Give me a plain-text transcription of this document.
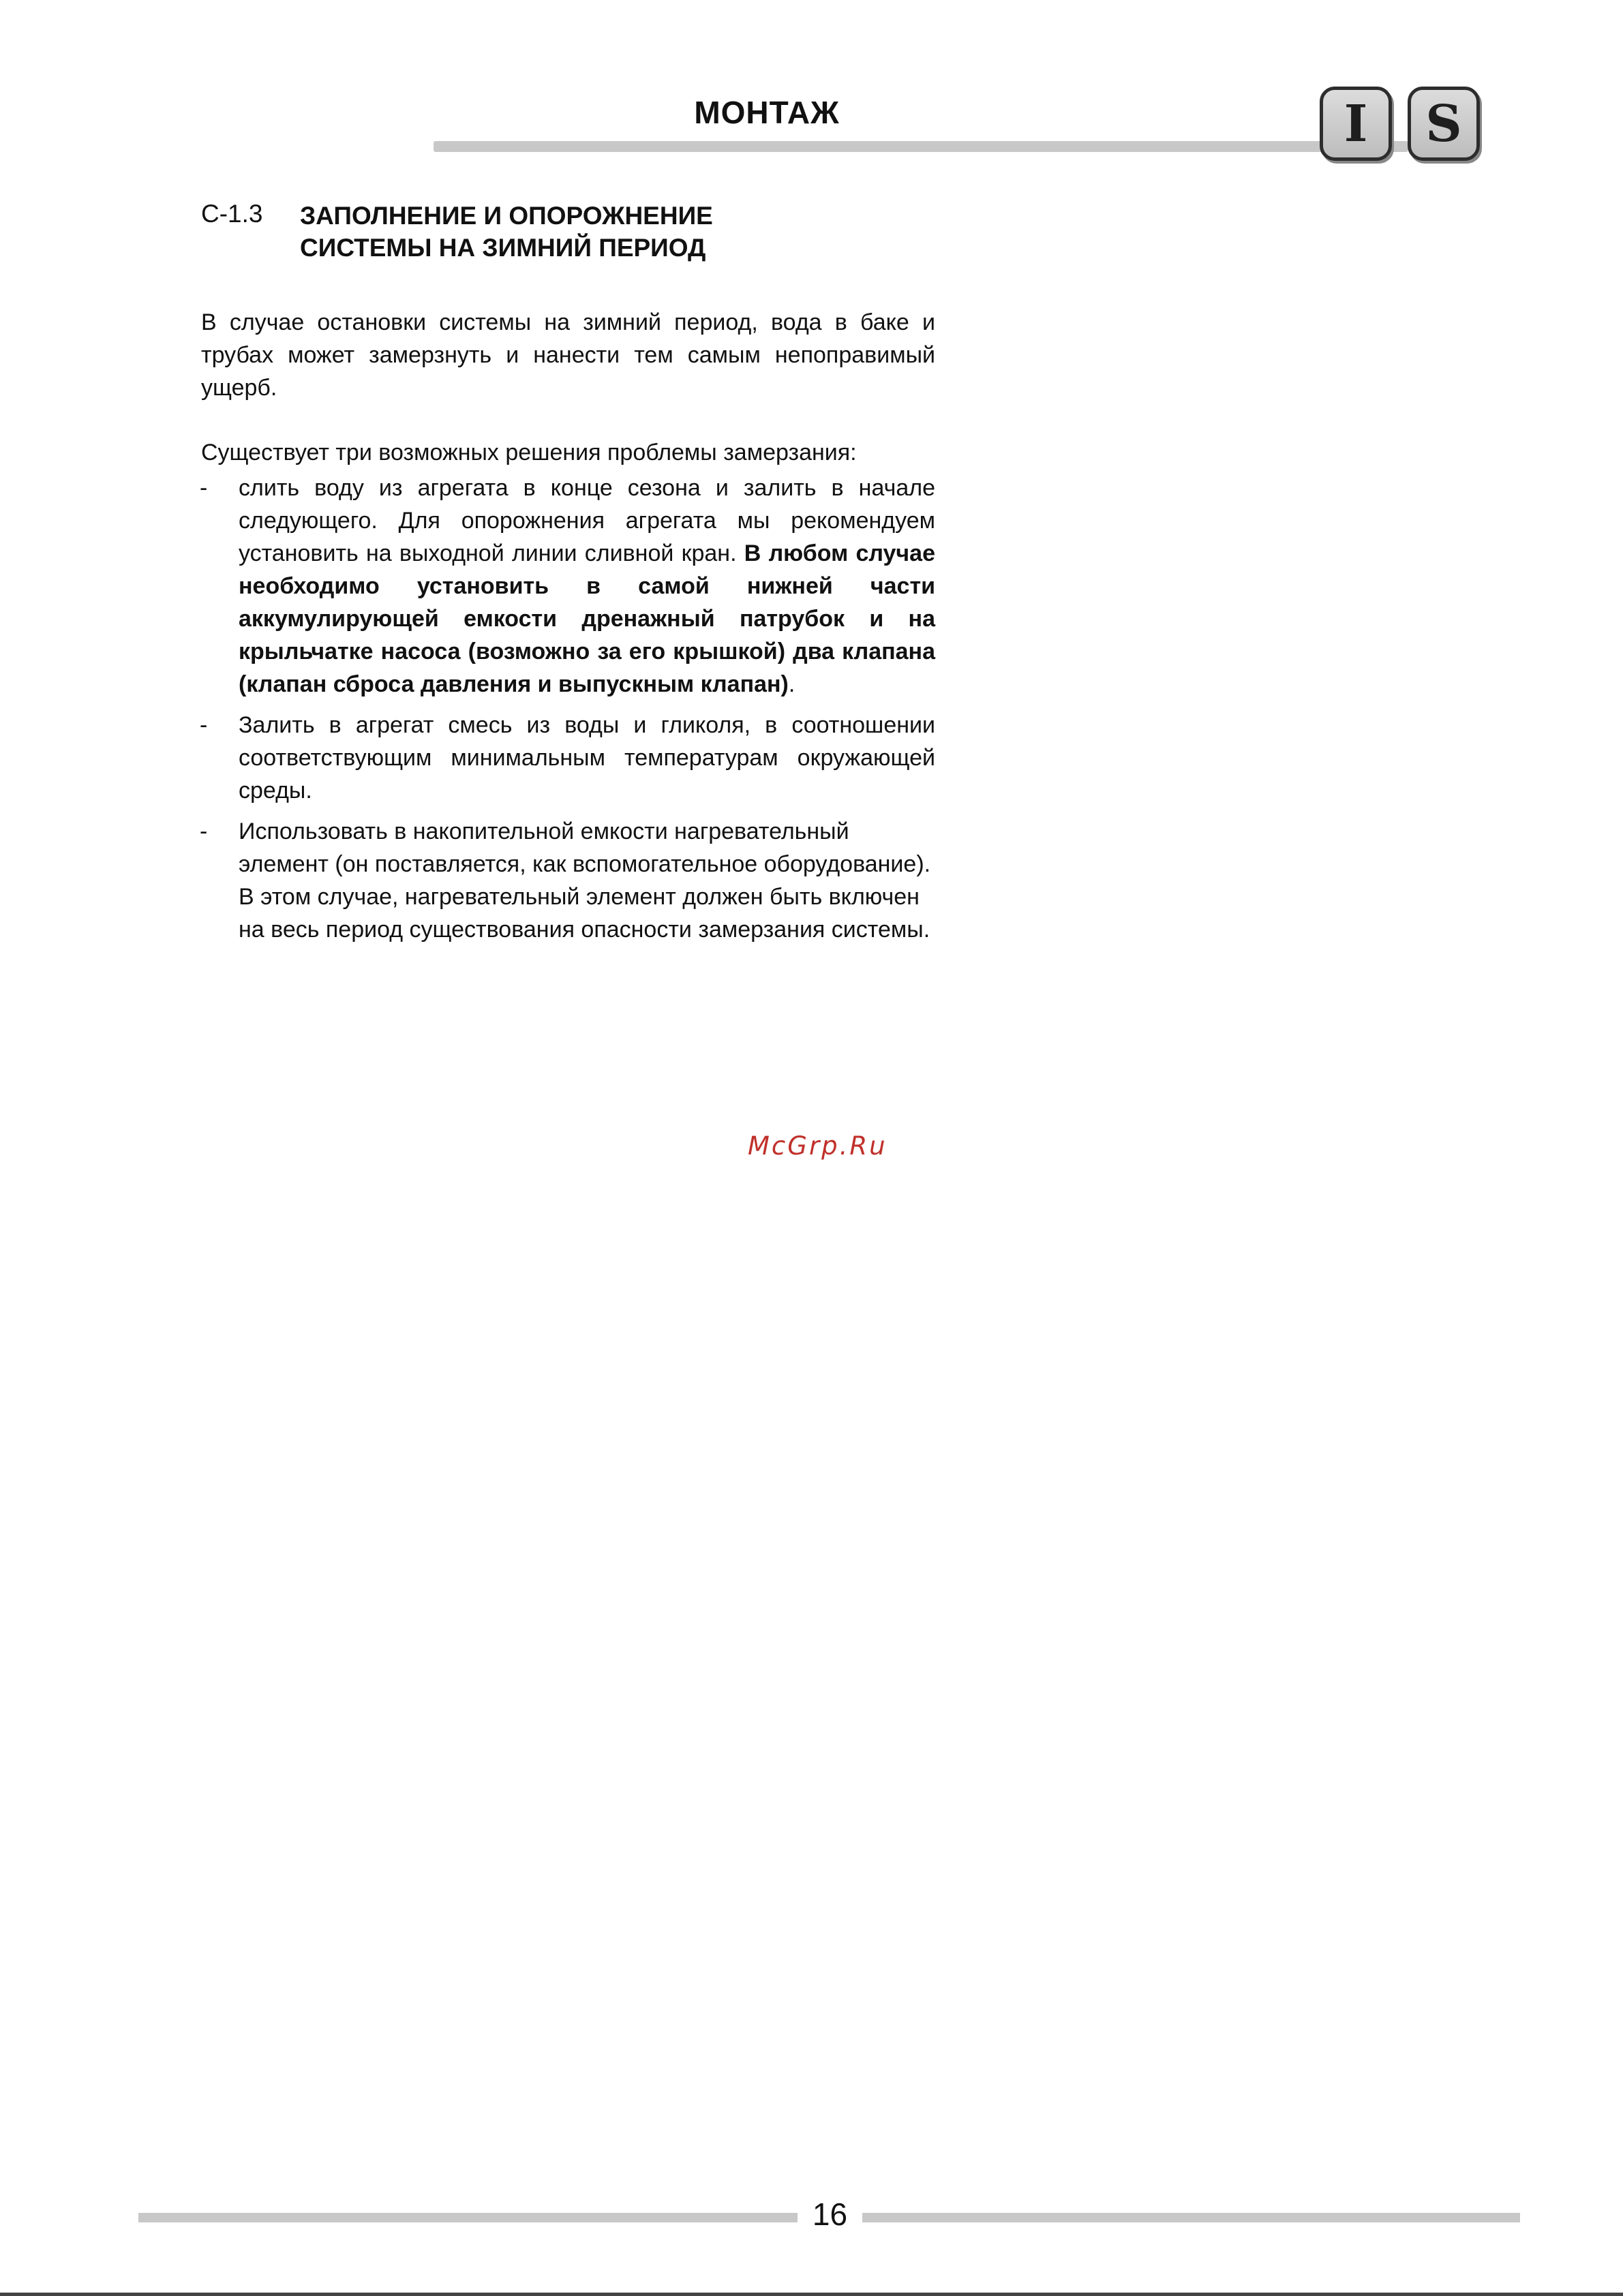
МОНТАЖ	I	S
C-1.3 ЗАПОЛНЕНИЕ И ОПОРОЖНЕНИЕ
СИСТЕМЫ НА ЗИМНИЙ ПЕРИОД
В случае остановки системы на зимний период, вода в баке и трубах может замерзнуть и нанести тем самым непоправимый ущерб.
Существует три возможных решения проблемы замерзания:
- слить воду из агрегата в конце сезона и залить в начале следующего. Для опорожнения агрегата мы рекомендуем установить на выходной линии сливной кран. В любом случае необходимо установить в самой нижней части аккумулирующей емкости дренажный патрубок и на крыльчатке насоса (возможно за его крышкой) два клапана (клапан сброса давления и выпускным клапан).
- Залить в агрегат смесь из воды и гликоля, в соотношении соответствующим минимальным температурам окружающей среды.
- Использовать в накопительной емкости нагревательный элемент (он поставляется, как вспомогательное оборудование). В этом случае, нагревательный элемент должен быть включен на весь период существования опасности замерзания системы.
McGrp.Ru
16
